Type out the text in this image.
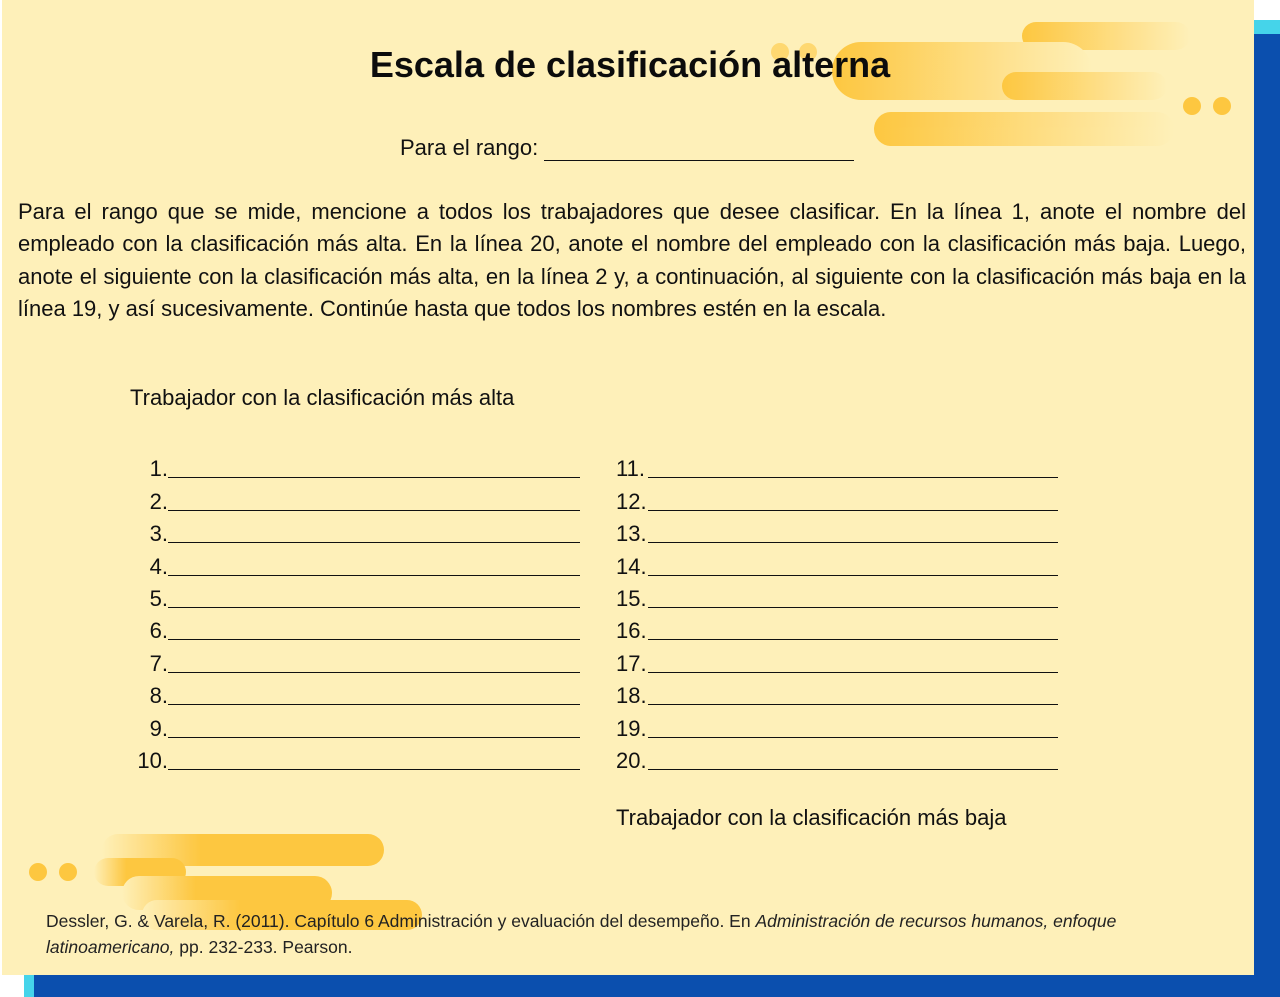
Escala de clasificación alterna
Para el rango:

Para el rango que se mide, mencione a todos los trabajadores que desee clasificar. En la línea 1, anote el nombre del empleado con la clasificación más alta. En la línea 20, anote el nombre del empleado con la clasificación más baja. Luego, anote el siguiente con la clasificación más alta, en la línea 2 y, a continuación, al siguiente con la clasificación más baja en la línea 19, y así sucesivamente. Continúe hasta que todos los nombres estén en la escala.

Trabajador con la clasificación más alta
1.
2.
3.
4.
5.
6.
7.
8.
9.
10.
11.
12.
13.
14.
15.
16.
17.
18.
19.
20.
Trabajador con la clasificación más baja

Dessler, G. & Varela, R. (2011). Capítulo 6 Administración y evaluación del desempeño. En Administración de recursos humanos, enfoque latinoamericano, pp. 232-233. Pearson.
